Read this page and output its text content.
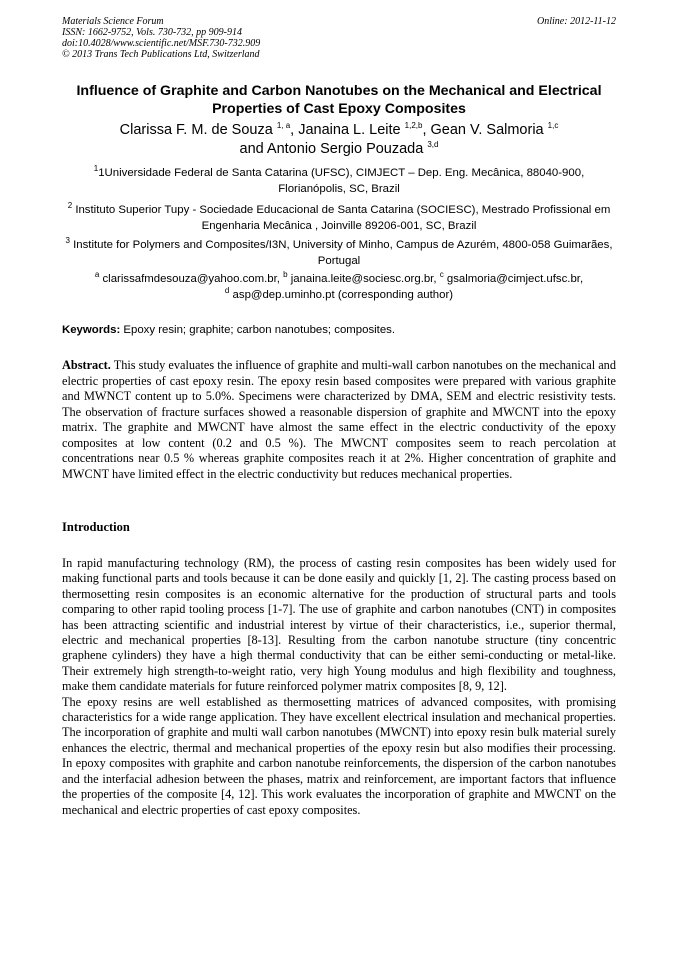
Materials Science Forum	Online: 2012-11-12
ISSN: 1662-9752, Vols. 730-732, pp 909-914
doi:10.4028/www.scientific.net/MSF.730-732.909
© 2013 Trans Tech Publications Ltd, Switzerland
Influence of Graphite and Carbon Nanotubes on the Mechanical and Electrical Properties of Cast Epoxy Composites
Clarissa F. M. de Souza $^{1, a}$, Janaina L. Leite $^{1,2,b}$, Gean V. Salmoria $^{1,c}$
and Antonio Sergio Pouzada $^{3,d}$
$^1$1Universidade Federal de Santa Catarina (UFSC), CIMJECT – Dep. Eng. Mecânica, 88040-900, Florianópolis, SC, Brazil
$^2$ Instituto Superior Tupy - Sociedade Educacional de Santa Catarina (SOCIESC), Mestrado Profissional em Engenharia Mecânica , Joinville 89206-001, SC, Brazil
$^3$ Institute for Polymers and Composites/I3N, University of Minho, Campus de Azurém, 4800-058 Guimarães, Portugal
$^a$ clarissafmdesouza@yahoo.com.br, $^b$ janaina.leite@sociesc.org.br, $^c$ gsalmoria@cimject.ufsc.br,
$^d$ asp@dep.uminho.pt (corresponding author)
Keywords: Epoxy resin; graphite; carbon nanotubes; composites.

Abstract. This study evaluates the influence of graphite and multi-wall carbon nanotubes on the mechanical and electric properties of cast epoxy resin. The epoxy resin based composites were prepared with various graphite and MWNCT content up to 5.0%. Specimens were characterized by DMA, SEM and electric resistivity tests. The observation of fracture surfaces showed a reasonable dispersion of graphite and MWCNT into the epoxy matrix. The graphite and MWCNT have almost the same effect in the electric conductivity of the epoxy composites at low content (0.2 and 0.5 %). The MWCNT composites seem to reach percolation at concentrations near 0.5 % whereas graphite composites reach it at 2%. Higher concentration of graphite and MWCNT have limited effect in the electric conductivity but reduces mechanical properties.

Introduction

In rapid manufacturing technology (RM), the process of casting resin composites has been widely used for making functional parts and tools because it can be done easily and quickly [1, 2]. The casting process based on thermosetting resin composites is an economic alternative for the production of structural parts and tools comparing to other rapid tooling process [1-7]. The use of graphite and carbon nanotubes (CNT) in composites has been attracting scientific and industrial interest by virtue of their characteristics, i.e., superior thermal, electric and mechanical properties [8-13]. Resulting from the carbon nanotube structure (tiny concentric graphene cylinders) they have a high thermal conductivity that can be either semi-conducting or metal-like. Their extremely high strength-to-weight ratio, very high Young modulus and high flexibility and toughness, make them candidate materials for future reinforced polymer matrix composites [8, 9, 12].

The epoxy resins are well established as thermosetting matrices of advanced composites, with promising characteristics for a wide range application. They have excellent electrical insulation and mechanical properties. The incorporation of graphite and multi wall carbon nanotubes (MWCNT) into epoxy resin bulk material surely enhances the electric, thermal and mechanical properties of the epoxy resin but also modifies their processing. In epoxy composites with graphite and carbon nanotube reinforcements, the dispersion of the carbon nanotubes and the interfacial adhesion between the phases, matrix and reinforcement, are important factors that influence the properties of the composite [4, 12]. This work evaluates the incorporation of graphite and MWCNT on the mechanical and electric properties of cast epoxy composites.
